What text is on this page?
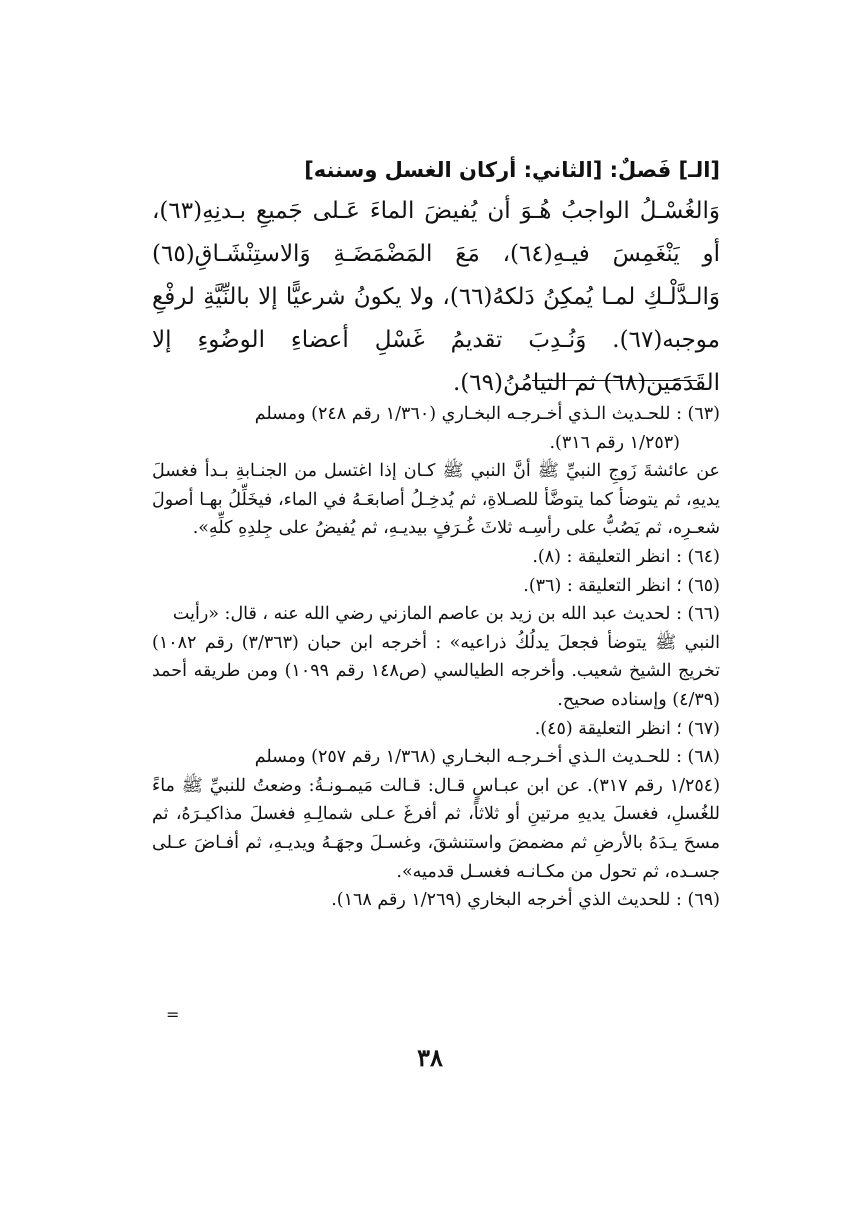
[الـ] فَصلٌ: [الثاني: أركان الغسل وسننه]

وَالغُسْـلُ الواجبُ هُـوَ أن يُفيضَ الماءَ عَـلى جَميعِ بـدنِهِ(٦٣)، أو يَنْغَمِسَ فيـهِ(٦٤)، مَعَ المَضْمَضَـةِ وَالاستِنْشَـاقِ(٦٥) وَالـدَّلْـكِ لمـا يُمكِنُ دَلكهُ(٦٦)، ولا يكونُ شرعيًّا إلا بالنِّيَّةِ لرفْعِ موجبه(٦٧). وَنُـدِبَ تقديمُ غَسْلِ أعضاءِ الوضُوءِ إلا القَدَمَين(٦٨) ثم التيامُنُ(٦٩).

(٦٣) : للحـديث الـذي أخـرجـه البخـاري (١/٣٦٠ رقم ٢٤٨) ومسلم
(١/٢٥٣ رقم ٣١٦).
عن عائشةَ زَوجِ النبيِّ ﷺ أنَّ النبي ﷺ كـان إذا اغتسل من الجنـابةِ بـدأ فغسلَ يديهِ، ثم يتوضأ كما يتوضَّأ للصـلاةِ، ثم يُدخِـلُ أصابعَـهُ في الماء، فيخَلِّلُ بهـا أصولَ شعـرِه، ثم يَصُبُّ على رأسِـه ثلاثَ غُـرَفٍ بيديـهِ، ثم يُفيضُ على جِلدِهِ كلِّهِ».
(٦٤) : انظر التعليقة : (٨).
(٦٥) ؛ انظر التعليقة : (٣٦).
(٦٦) : لحديث عبد الله بن زيد بن عاصم المازني رضي الله عنه ، قال: «رأيت
النبي ﷺ يتوضأ فجعلَ يدلُكُ ذراعيه» : أخرجه ابن حبان (٣/٣٦٣) رقم ١٠٨٢) تخريج الشيخ شعيب. وأخرجه الطيالسي (ص١٤٨ رقم ١٠٩٩) ومن طريقه أحمد (٤/٣٩) وإسناده صحيح.
(٦٧) ؛ انظر التعليقة (٤٥).
(٦٨) : للحـديث الـذي أخـرجـه البخـاري (١/٣٦٨ رقم ٢٥٧) ومسلم
(١/٢٥٤ رقم ٣١٧). عن ابن عبـاسٍ قـال: قـالت مَيمـونـةُ: وضعتُ للنبيِّ ﷺ ماءً للغُسلِ، فغسلَ يديهِ مرتينِ أو ثلاثاً، ثم أفرغَ عـلى شمالِـهِ فغسلَ مذاكيـرَهُ، ثم مسحَ يـدَهُ بالأرضِ ثم مضمضَ واستنشقَ، وغسـلَ وجهَـهُ ويديـهِ، ثم أفـاضَ عـلى جسـده، ثم تحول من مكـانـه فغسـل قدميه».
(٦٩) : للحديث الذي أخرجه البخاري (١/٢٦٩ رقم ١٦٨).
=
٣٨
